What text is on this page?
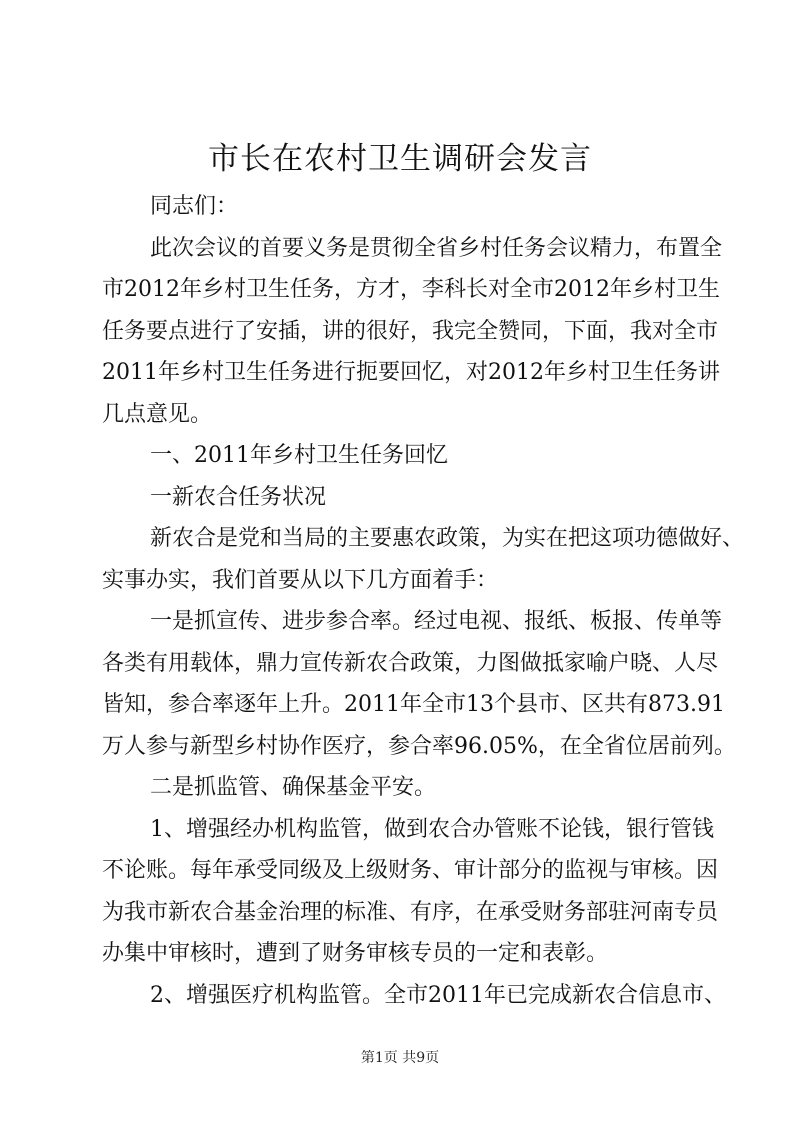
市长在农村卫生调研会发言
同志们：
此次会议的首要义务是贯彻全省乡村任务会议精力，布置全
市2012年乡村卫生任务，方才，李科长对全市2012年乡村卫生
任务要点进行了安插，讲的很好，我完全赞同，下面，我对全市
2011年乡村卫生任务进行扼要回忆，对2012年乡村卫生任务讲
几点意见。
一、2011年乡村卫生任务回忆
一新农合任务状况
新农合是党和当局的主要惠农政策，为实在把这项功德做好、
实事办实，我们首要从以下几方面着手：
一是抓宣传、进步参合率。经过电视、报纸、板报、传单等
各类有用载体，鼎力宣传新农合政策，力图做抵家喻户晓、人尽
皆知，参合率逐年上升。2011年全市13个县市、区共有873.91
万人参与新型乡村协作医疗，参合率96.05%，在全省位居前列。
二是抓监管、确保基金平安。
1、增强经办机构监管，做到农合办管账不论钱，银行管钱
不论账。每年承受同级及上级财务、审计部分的监视与审核。因
为我市新农合基金治理的标准、有序，在承受财务部驻河南专员
办集中审核时，遭到了财务审核专员的一定和表彰。
2、增强医疗机构监管。全市2011年已完成新农合信息市、
第1页 共9页
